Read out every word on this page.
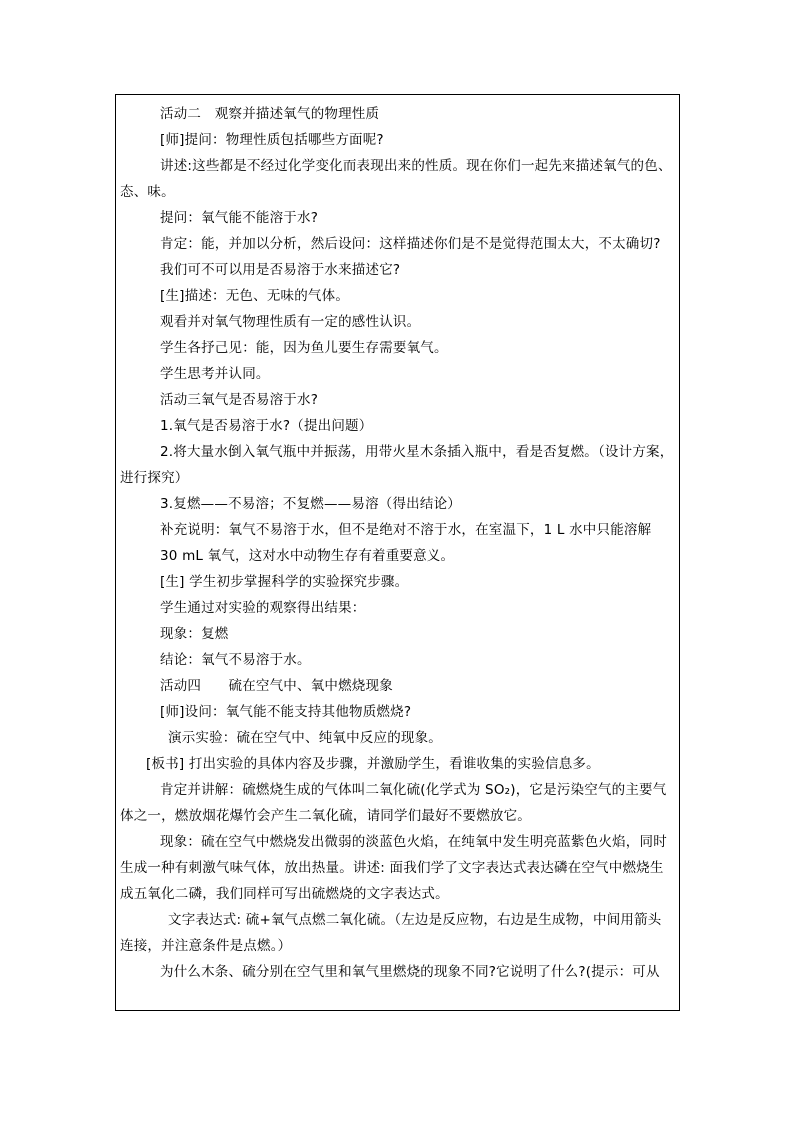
活动二　观察并描述氧气的物理性质
[师]提问：物理性质包括哪些方面呢?
讲述:这些都是不经过化学变化而表现出来的性质。现在你们一起先来描述氧气的色、
态、味。
提问：氧气能不能溶于水?
肯定：能，并加以分析，然后设问：这样描述你们是不是觉得范围太大，不太确切?
我们可不可以用是否易溶于水来描述它?
[生]描述：无色、无味的气体。
观看并对氧气物理性质有一定的感性认识。
学生各抒己见：能，因为鱼儿要生存需要氧气。
学生思考并认同。
活动三氧气是否易溶于水?
1.氧气是否易溶于水?（提出问题）
2.将大量水倒入氧气瓶中并振荡，用带火星木条插入瓶中，看是否复燃。（设计方案，
进行探究）
3.复燃——不易溶；不复燃——易溶（得出结论）
补充说明：氧气不易溶于水，但不是绝对不溶于水，在室温下，1 L 水中只能溶解
30 mL 氧气，这对水中动物生存有着重要意义。
[生] 学生初步掌握科学的实验探究步骤。
学生通过对实验的观察得出结果：
现象：复燃
结论：氧气不易溶于水。
活动四　　硫在空气中、氧中燃烧现象
[师]设问：氧气能不能支持其他物质燃烧?
演示实验：硫在空气中、纯氧中反应的现象。
[板书] 打出实验的具体内容及步骤，并激励学生，看谁收集的实验信息多。
肯定并讲解：硫燃烧生成的气体叫二氧化硫(化学式为 SO₂)，它是污染空气的主要气
体之一，燃放烟花爆竹会产生二氧化硫，请同学们最好不要燃放它。
现象：硫在空气中燃烧发出微弱的淡蓝色火焰，在纯氧中发生明亮蓝紫色火焰，同时
生成一种有刺激气味气体，放出热量。讲述: 面我们学了文字表达式表达磷在空气中燃烧生
成五氧化二磷，我们同样可写出硫燃烧的文字表达式。
文字表达式: 硫+氧气点燃二氧化硫。（左边是反应物，右边是生成物，中间用箭头
连接，并注意条件是点燃。）
为什么木条、硫分别在空气里和氧气里燃烧的现象不同?它说明了什么?(提示：可从
